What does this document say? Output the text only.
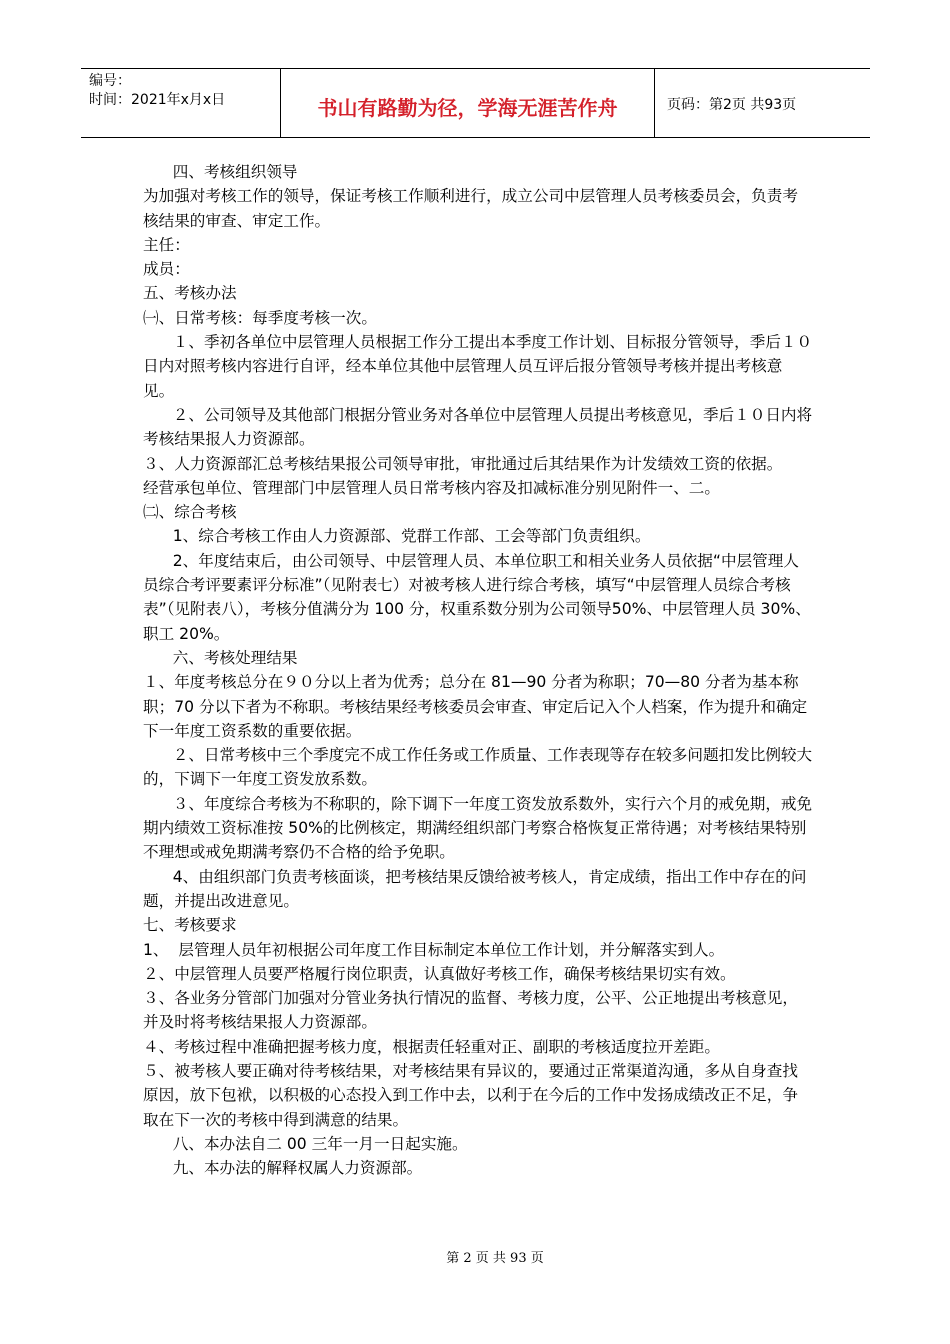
编号：
时间：2021年x月x日	书山有路勤为径，学海无涯苦作舟	页码：第2页 共93页

四、考核组织领导

为加强对考核工作的领导，保证考核工作顺利进行，成立公司中层管理人员考核委员会，负责考核结果的审查、审定工作。

主任：

成员：

五、考核办法

㈠、日常考核：每季度考核一次。

１、季初各单位中层管理人员根据工作分工提出本季度工作计划、目标报分管领导，季后１０日内对照考核内容进行自评，经本单位其他中层管理人员互评后报分管领导考核并提出考核意见。

２、公司领导及其他部门根据分管业务对各单位中层管理人员提出考核意见，季后１０日内将考核结果报人力资源部。

３、人力资源部汇总考核结果报公司领导审批，审批通过后其结果作为计发绩效工资的依据。

经营承包单位、管理部门中层管理人员日常考核内容及扣减标准分别见附件一、二。

㈡、综合考核

1、综合考核工作由人力资源部、党群工作部、工会等部门负责组织。

2、年度结束后，由公司领导、中层管理人员、本单位职工和相关业务人员依据“中层管理人员综合考评要素评分标准”（见附表七）对被考核人进行综合考核，填写“中层管理人员综合考核表”（见附表八），考核分值满分为 100 分，权重系数分别为公司领导50%、中层管理人员 30%、职工 20%。

六、考核处理结果

１、年度考核总分在９０分以上者为优秀；总分在 81—90 分者为称职；70—80 分者为基本称职；70 分以下者为不称职。考核结果经考核委员会审查、审定后记入个人档案，作为提升和确定下一年度工资系数的重要依据。

２、日常考核中三个季度完不成工作任务或工作质量、工作表现等存在较多问题扣发比例较大的，下调下一年度工资发放系数。

３、年度综合考核为不称职的，除下调下一年度工资发放系数外，实行六个月的戒免期，戒免期内绩效工资标准按 50%的比例核定，期满经组织部门考察合格恢复正常待遇；对考核结果特别不理想或戒免期满考察仍不合格的给予免职。

4、由组织部门负责考核面谈，把考核结果反馈给被考核人，肯定成绩，指出工作中存在的问题，并提出改进意见。

七、考核要求

1、  层管理人员年初根据公司年度工作目标制定本单位工作计划，并分解落实到人。

２、中层管理人员要严格履行岗位职责，认真做好考核工作，确保考核结果切实有效。

３、各业务分管部门加强对分管业务执行情况的监督、考核力度，公平、公正地提出考核意见，并及时将考核结果报人力资源部。

４、考核过程中准确把握考核力度，根据责任轻重对正、副职的考核适度拉开差距。

５、被考核人要正确对待考核结果，对考核结果有异议的，要通过正常渠道沟通，多从自身查找原因，放下包袱，以积极的心态投入到工作中去，以利于在今后的工作中发扬成绩改正不足，争取在下一次的考核中得到满意的结果。

八、本办法自二 00 三年一月一日起实施。

九、本办法的解释权属人力资源部。

第 2 页 共 93 页
